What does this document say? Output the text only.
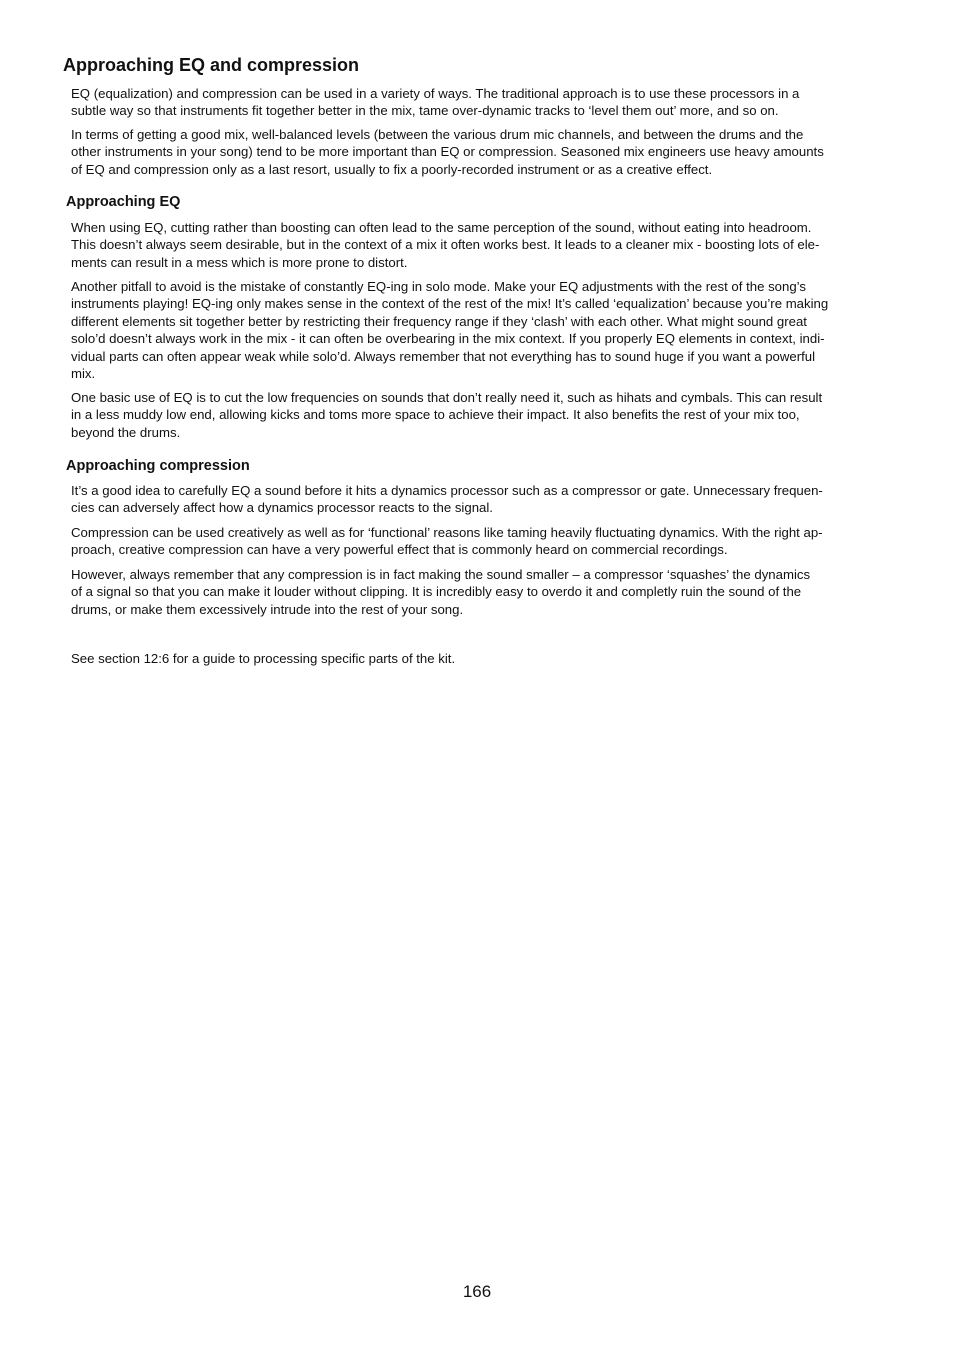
Approaching EQ and compression

EQ (equalization) and compression can be used in a variety of ways. The traditional approach is to use these processors in a
subtle way so that instruments fit together better in the mix, tame over-dynamic tracks to ‘level them out’ more, and so on.

In terms of getting a good mix, well-balanced levels (between the various drum mic channels, and between the drums and the
other instruments in your song) tend to be more important than EQ or compression. Seasoned mix engineers use heavy amounts
of EQ and compression only as a last resort, usually to fix a poorly-recorded instrument or as a creative effect.

Approaching EQ

When using EQ, cutting rather than boosting can often lead to the same perception of the sound, without eating into headroom.
This doesn’t always seem desirable, but in the context of a mix it often works best. It leads to a cleaner mix - boosting lots of ele-
ments can result in a mess which is more prone to distort.

Another pitfall to avoid is the mistake of constantly EQ-ing in solo mode. Make your EQ adjustments with the rest of the song’s
instruments playing! EQ-ing only makes sense in the context of the rest of the mix! It’s called ‘equalization’ because you’re making
different elements sit together better by restricting their frequency range if they ‘clash’ with each other. What might sound great
solo’d doesn’t always work in the mix - it can often be overbearing in the mix context. If you properly EQ elements in context, indi-
vidual parts can often appear weak while solo’d. Always remember that not everything has to sound huge if you want a powerful
mix.

One basic use of EQ is to cut the low frequencies on sounds that don’t really need it, such as hihats and cymbals. This can result
in a less muddy low end, allowing kicks and toms more space to achieve their impact. It also benefits the rest of your mix too,
beyond the drums.

Approaching compression

It’s a good idea to carefully EQ a sound before it hits a dynamics processor such as a compressor or gate. Unnecessary frequen-
cies can adversely affect how a dynamics processor reacts to the signal.

Compression can be used creatively as well as for ‘functional’ reasons like taming heavily fluctuating dynamics. With the right ap-
proach, creative compression can have a very powerful effect that is commonly heard on commercial recordings.

However, always remember that any compression is in fact making the sound smaller – a compressor ‘squashes’ the dynamics
of a signal so that you can make it louder without clipping. It is incredibly easy to overdo it and completly ruin the sound of the
drums, or make them excessively intrude into the rest of your song.

See section 12:6 for a guide to processing specific parts of the kit.

166
